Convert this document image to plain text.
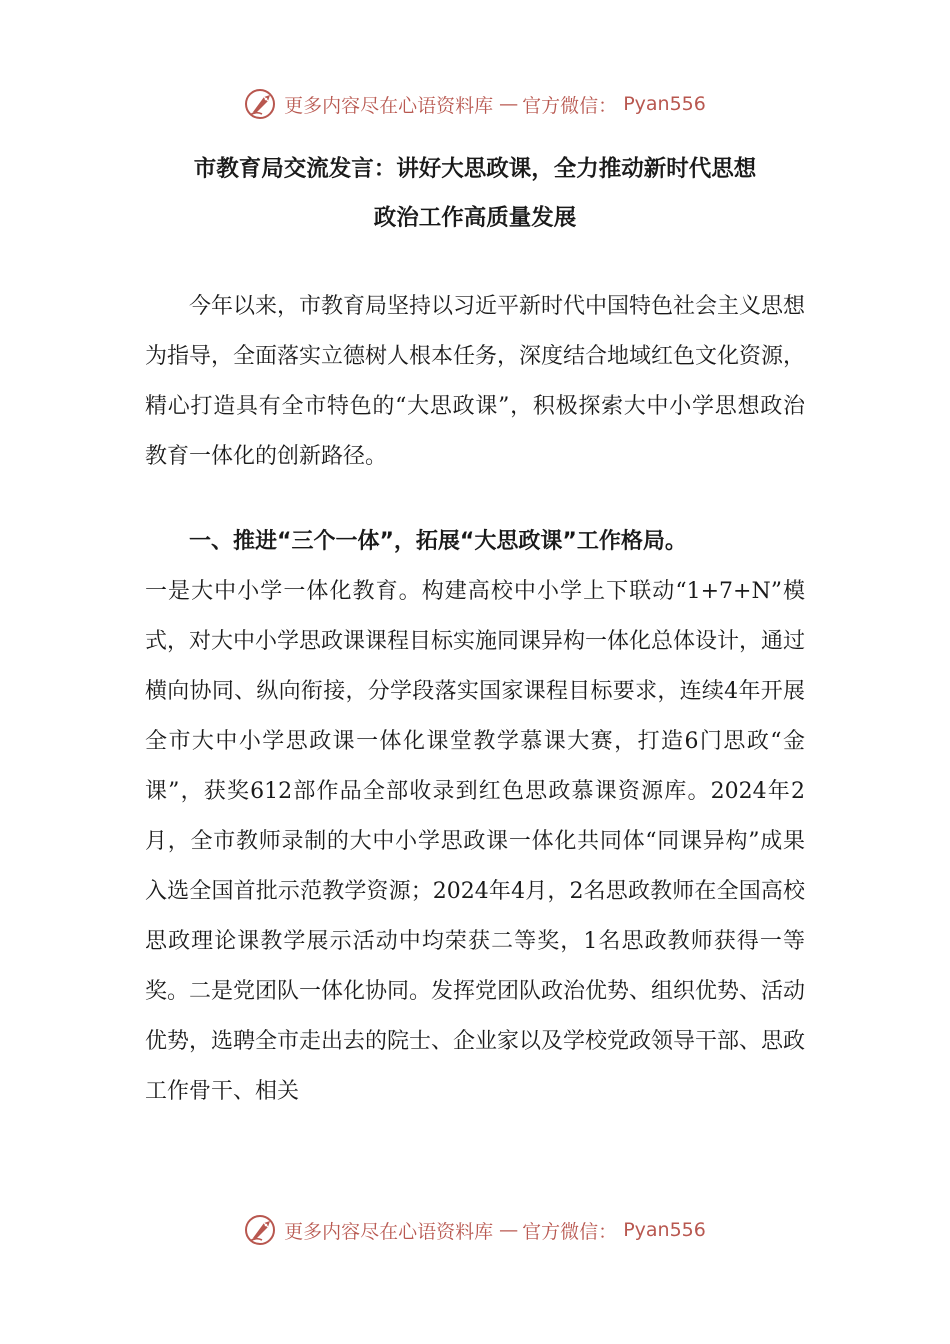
更多内容尽在心语资料库 — 官方微信： Pyan556
市教育局交流发言：讲好大思政课，全力推动新时代思想
政治工作高质量发展
今年以来，市教育局坚持以习近平新时代中国特色社会主义思想为指导，全面落实立德树人根本任务，深度结合地域红色文化资源，精心打造具有全市特色的“大思政课”，积极探索大中小学思想政治教育一体化的创新路径。
一、推进“三个一体”，拓展“大思政课”工作格局。
一是大中小学一体化教育。构建高校中小学上下联动“1+7+N”模式，对大中小学思政课课程目标实施同课异构一体化总体设计，通过横向协同、纵向衔接，分学段落实国家课程目标要求，连续4年开展全市大中小学思政课一体化课堂教学慕课大赛，打造6门思政“金课”，获奖612部作品全部收录到红色思政慕课资源库。2024年2月，全市教师录制的大中小学思政课一体化共同体“同课异构”成果入选全国首批示范教学资源；2024年4月，2名思政教师在全国高校思政理论课教学展示活动中均荣获二等奖，1名思政教师获得一等奖。二是党团队一体化协同。发挥党团队政治优势、组织优势、活动优势，选聘全市走出去的院士、企业家以及学校党政领导干部、思政工作骨干、相关
更多内容尽在心语资料库 — 官方微信： Pyan556
